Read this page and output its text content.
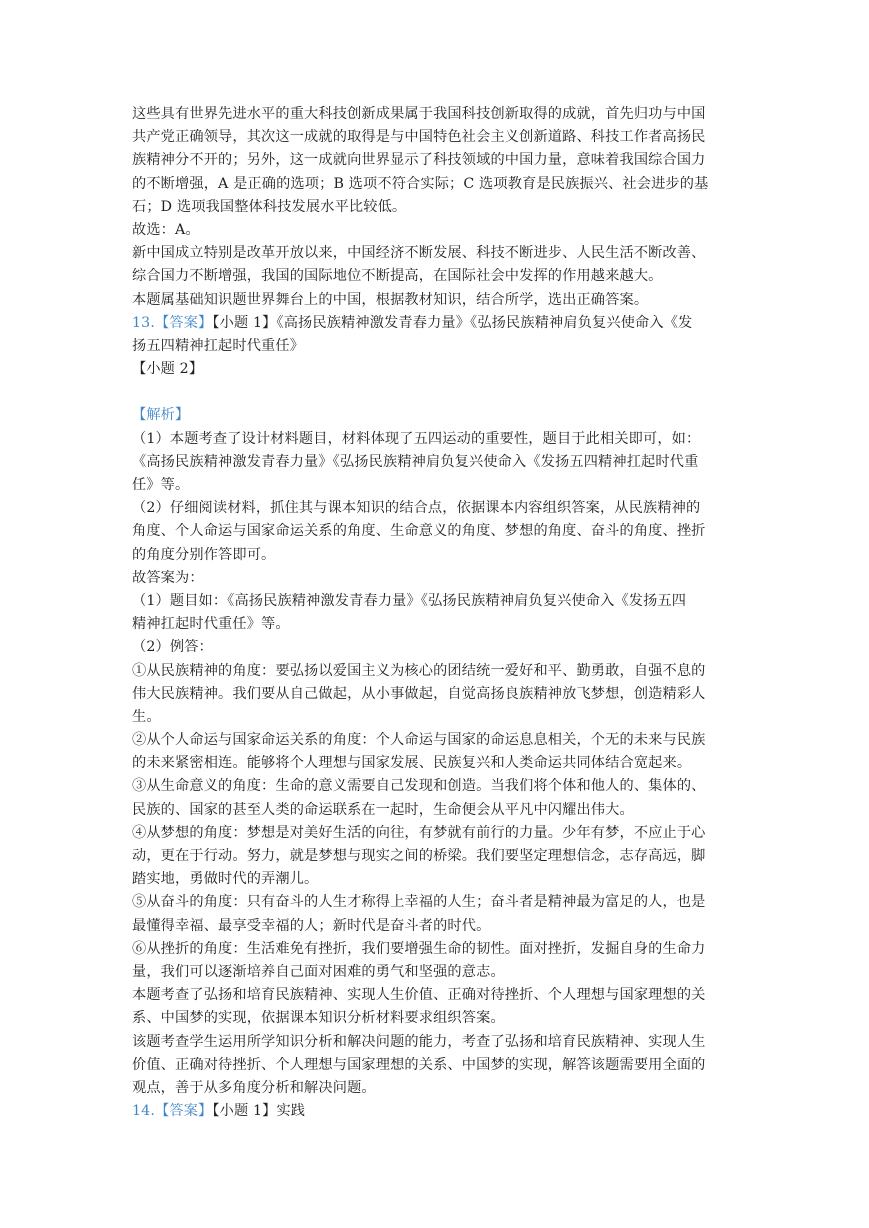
这些具有世界先进水平的重大科技创新成果属于我国科技创新取得的成就，首先归功与中国
共产党正确领导，其次这一成就的取得是与中国特色社会主义创新道路、科技工作者高扬民
族精神分不开的；另外，这一成就向世界显示了科技领域的中国力量，意味着我国综合国力
的不断增强，A 是正确的选项；B 选项不符合实际；C 选项教育是民族振兴、社会进步的基
石；D 选项我国整体科技发展水平比较低。
故选：A。
新中国成立特别是改革开放以来，中国经济不断发展、科技不断进步、人民生活不断改善、
综合国力不断增强，我国的国际地位不断提高，在国际社会中发挥的作用越来越大。
本题属基础知识题世界舞台上的中国，根据教材知识，结合所学，选出正确答案。
13.【答案】【小题 1】《高扬民族精神激发青春力量》《弘扬民族精神肩负复兴使命入《发
扬五四精神扛起时代重任》
【小题 2】
【解析】
（1）本题考查了设计材料题目，材料体现了五四运动的重要性，题目于此相关即可，如：
《高扬民族精神激发青春力量》《弘扬民族精神肩负复兴使命入《发扬五四精神扛起时代重
任》等。
（2）仔细阅读材料，抓住其与课本知识的结合点，依据课本内容组织答案，从民族精神的
角度、个人命运与国家命运关系的角度、生命意义的角度、梦想的角度、奋斗的角度、挫折
的角度分别作答即可。
故答案为：
（1）题目如：《高扬民族精神激发青春力量》《弘扬民族精神肩负复兴使命入《发扬五四
精神扛起时代重任》等。
（2）例答：
①从民族精神的角度：要弘扬以爱国主义为核心的团结统一爱好和平、勤勇敢，自强不息的
伟大民族精神。我们要从自己做起，从小事做起，自觉高扬良族精神放飞梦想，创造精彩人
生。
②从个人命运与国家命运关系的角度：个人命运与国家的命运息息相关，个无的未来与民族
的未来紧密相连。能够将个人理想与国家发展、民族复兴和人类命运共同体结合宽起来。
③从生命意义的角度：生命的意义需要自己发现和创造。当我们将个体和他人的、集体的、
民族的、国家的甚至人类的命运联系在一起时，生命便会从平凡中闪耀出伟大。
④从梦想的角度：梦想是对美好生活的向往，有梦就有前行的力量。少年有梦，不应止于心
动，更在于行动。努力，就是梦想与现实之间的桥梁。我们要坚定理想信念，志存高远，脚
踏实地，勇做时代的弄潮儿。
⑤从奋斗的角度：只有奋斗的人生才称得上幸福的人生；奋斗者是精神最为富足的人，也是
最懂得幸福、最享受幸福的人；新时代是奋斗者的时代。
⑥从挫折的角度：生活难免有挫折，我们要增强生命的韧性。面对挫折，发掘自身的生命力
量，我们可以逐渐培养自己面对困难的勇气和坚强的意志。
本题考查了弘扬和培育民族精神、实现人生价值、正确对待挫折、个人理想与国家理想的关
系、中国梦的实现，依据课本知识分析材料要求组织答案。
该题考查学生运用所学知识分析和解决问题的能力，考查了弘扬和培育民族精神、实现人生
价值、正确对待挫折、个人理想与国家理想的关系、中国梦的实现，解答该题需要用全面的
观点，善于从多角度分析和解决问题。
14.【答案】【小题 1】实践
